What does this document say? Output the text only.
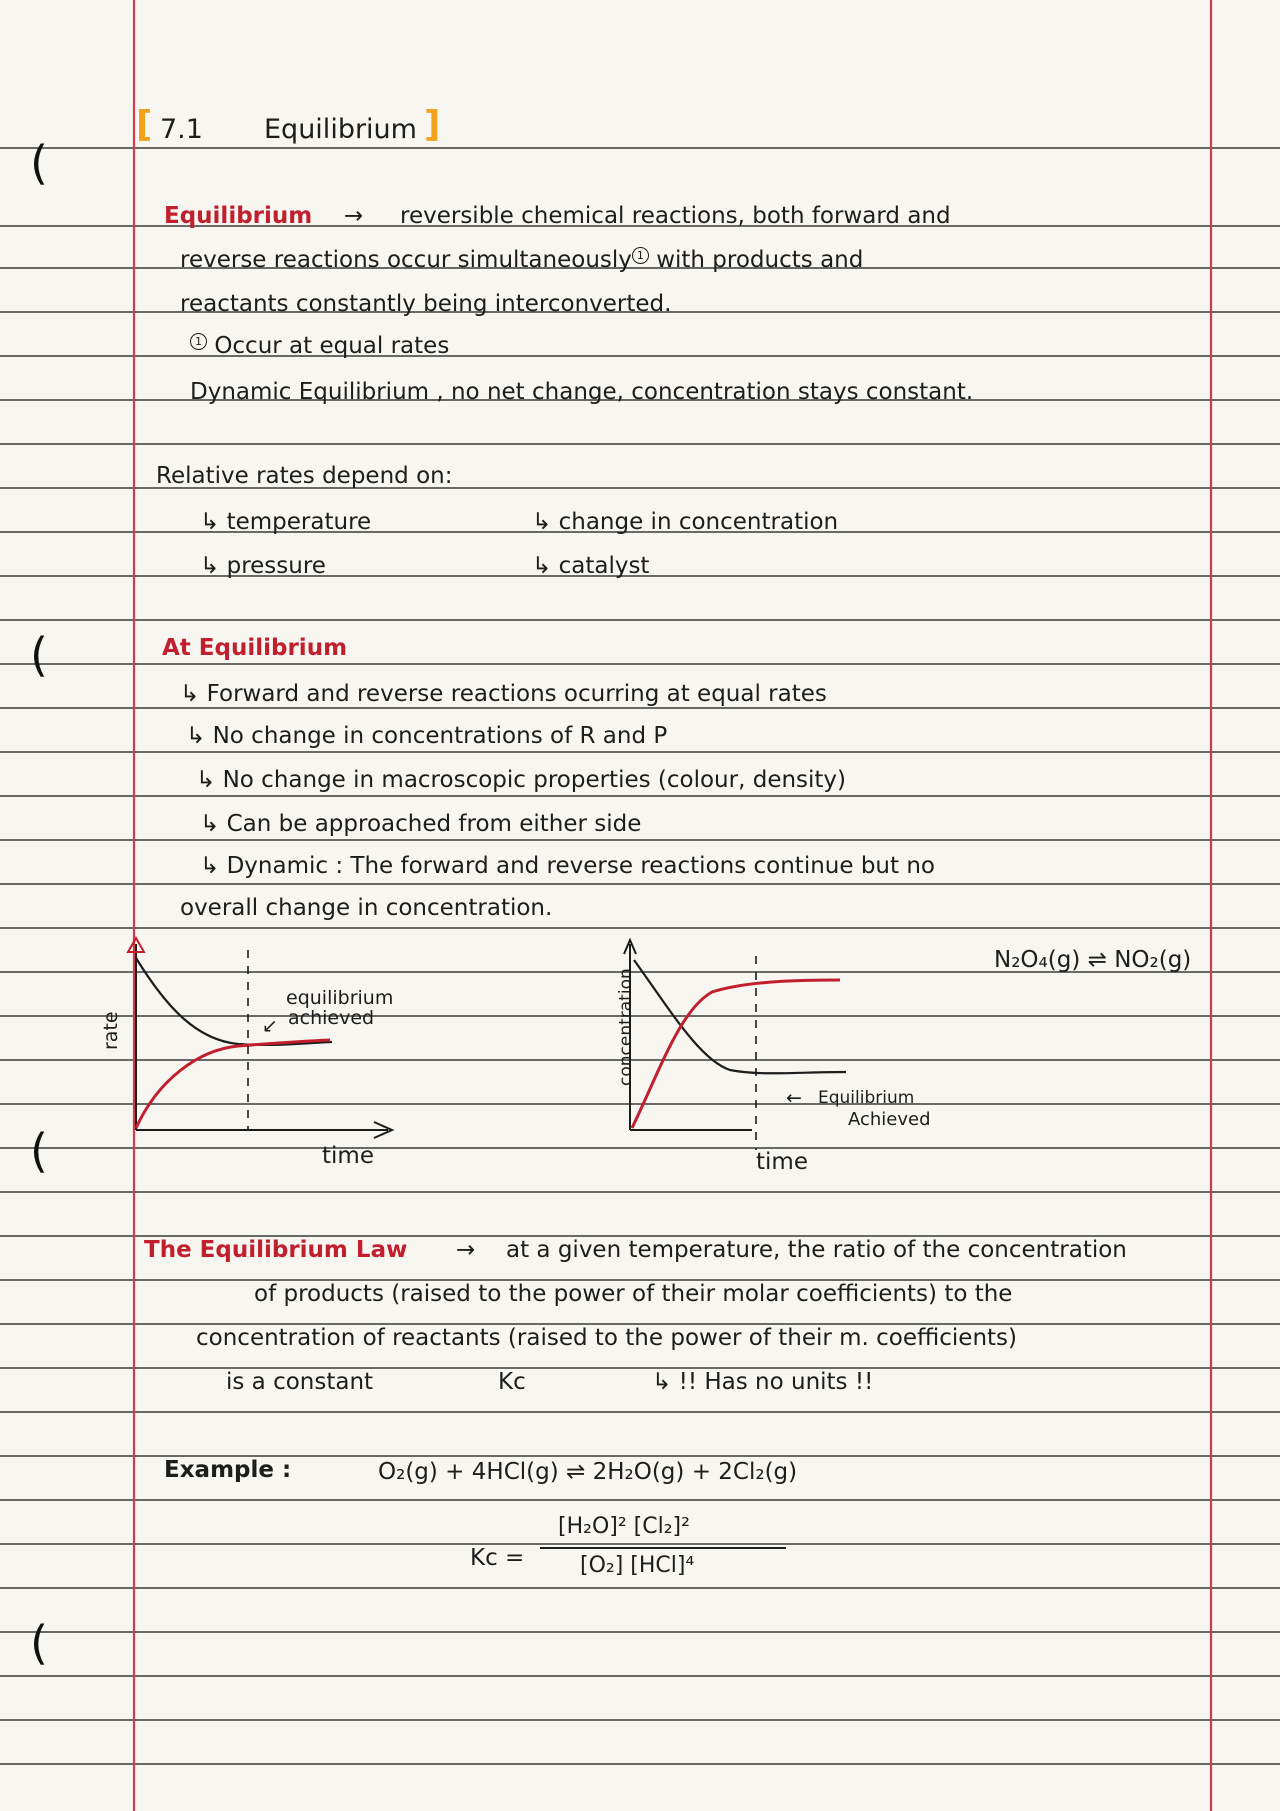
(
(
(
(
[ 7.1 Equilibrium ]
Equilibrium → reversible chemical reactions, both forward and
reverse reactions occur simultaneously 1 with products and
reactants constantly being interconverted.
1 Occur at equal rates
Dynamic Equilibrium , no net change, concentration stays constant.
Relative rates depend on:
↳ temperature
↳ pressure
↳ change in concentration
↳ catalyst
At Equilibrium
↳ Forward and reverse reactions ocurring at equal rates
↳ No change in concentrations of R and P
↳ No change in macroscopic properties (colour, density)
↳ Can be approached from either side
↳ Dynamic : The forward and reverse reactions continue but no
overall change in concentration.
rate
equilibrium
achieved
↙
time
concentration
← Equilibrium
Achieved
time
N₂O₄(g) ⇌ NO₂(g)
The Equilibrium Law → at a given temperature, the ratio of the concentration
of products (raised to the power of their molar coefficients) to the
concentration of reactants (raised to the power of their m. coefficients)
is a constant	Kc	↳ !! Has no units !!
Example :	O₂(g) + 4HCl(g) ⇌ 2H₂O(g) + 2Cl₂(g)
Kc =
[H₂O]² [Cl₂]²
[O₂] [HCl]⁴
